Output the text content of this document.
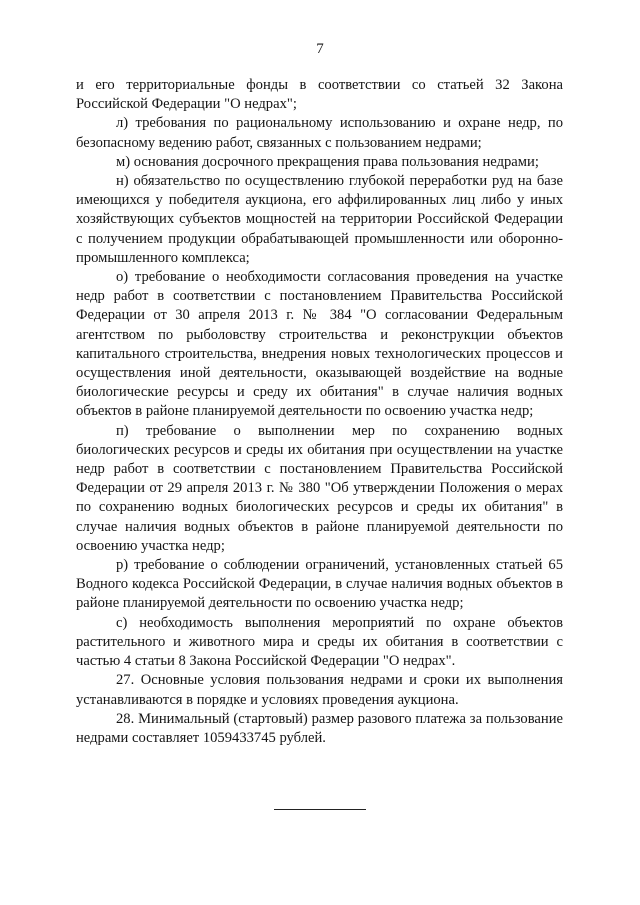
7

и его территориальные фонды в соответствии со статьей 32 Закона Российской Федерации "О недрах";

л) требования по рациональному использованию и охране недр, по безопасному ведению работ, связанных с пользованием недрами;

м) основания досрочного прекращения права пользования недрами;

н) обязательство по осуществлению глубокой переработки руд на базе имеющихся у победителя аукциона, его аффилированных лиц либо у иных хозяйствующих субъектов мощностей на территории Российской Федерации с получением продукции обрабатывающей промышленности или оборонно-промышленного комплекса;

о) требование о необходимости согласования проведения на участке недр работ в соответствии с постановлением Правительства Российской Федерации от 30 апреля 2013 г. № 384 "О согласовании Федеральным агентством по рыболовству строительства и реконструкции объектов капитального строительства, внедрения новых технологических процессов и осуществления иной деятельности, оказывающей воздействие на водные биологические ресурсы и среду их обитания" в случае наличия водных объектов в районе планируемой деятельности по освоению участка недр;

п) требование о выполнении мер по сохранению водных биологических ресурсов и среды их обитания при осуществлении на участке недр работ в соответствии с постановлением Правительства Российской Федерации от 29 апреля 2013 г. № 380 "Об утверждении Положения о мерах по сохранению водных биологических ресурсов и среды их обитания" в случае наличия водных объектов в районе планируемой деятельности по освоению участка недр;

р) требование о соблюдении ограничений, установленных статьей 65 Водного кодекса Российской Федерации, в случае наличия водных объектов в районе планируемой деятельности по освоению участка недр;

с) необходимость выполнения мероприятий по охране объектов растительного и животного мира и среды их обитания в соответствии с частью 4 статьи 8 Закона Российской Федерации "О недрах".

27. Основные условия пользования недрами и сроки их выполнения устанавливаются в порядке и условиях проведения аукциона.

28. Минимальный (стартовый) размер разового платежа за пользование недрами составляет 1059433745 рублей.
